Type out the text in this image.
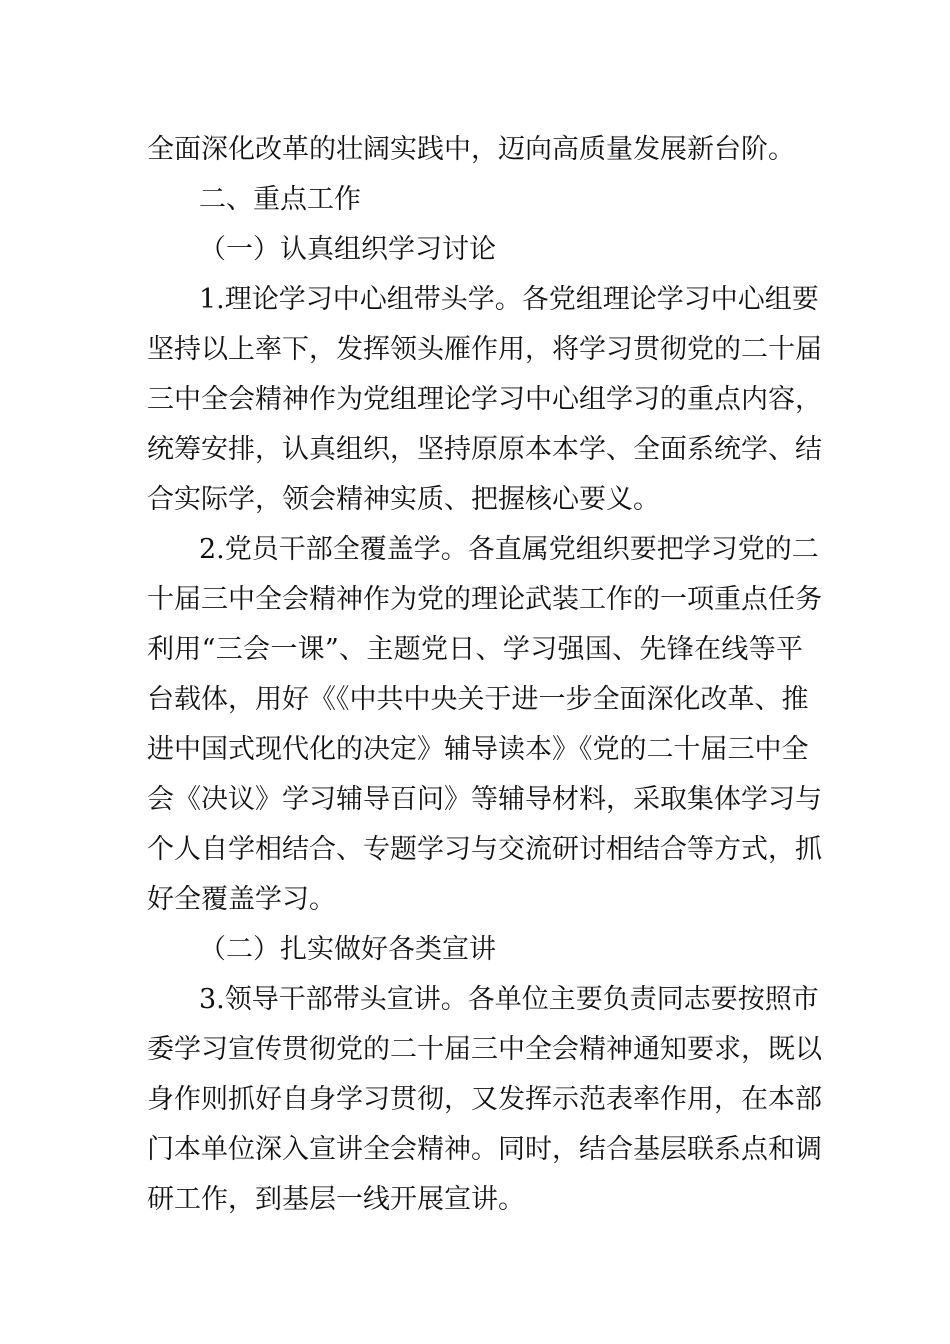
全面深化改革的壮阔实践中，迈向高质量发展新台阶。
二、重点工作
（一）认真组织学习讨论
1.理论学习中心组带头学。各党组理论学习中心组要
坚持以上率下，发挥领头雁作用，将学习贯彻党的二十届
三中全会精神作为党组理论学习中心组学习的重点内容，
统筹安排，认真组织，坚持原原本本学、全面系统学、结
合实际学，领会精神实质、把握核心要义。
2.党员干部全覆盖学。各直属党组织要把学习党的二
十届三中全会精神作为党的理论武装工作的一项重点任务
利用“三会一课”、主题党日、学习强国、先锋在线等平
台载体，用好《《中共中央关于进一步全面深化改革、推
进中国式现代化的决定》辅导读本》《党的二十届三中全
会《决议》学习辅导百问》等辅导材料，采取集体学习与
个人自学相结合、专题学习与交流研讨相结合等方式，抓
好全覆盖学习。
（二）扎实做好各类宣讲
3.领导干部带头宣讲。各单位主要负责同志要按照市
委学习宣传贯彻党的二十届三中全会精神通知要求，既以
身作则抓好自身学习贯彻，又发挥示范表率作用，在本部
门本单位深入宣讲全会精神。同时，结合基层联系点和调
研工作，到基层一线开展宣讲。
